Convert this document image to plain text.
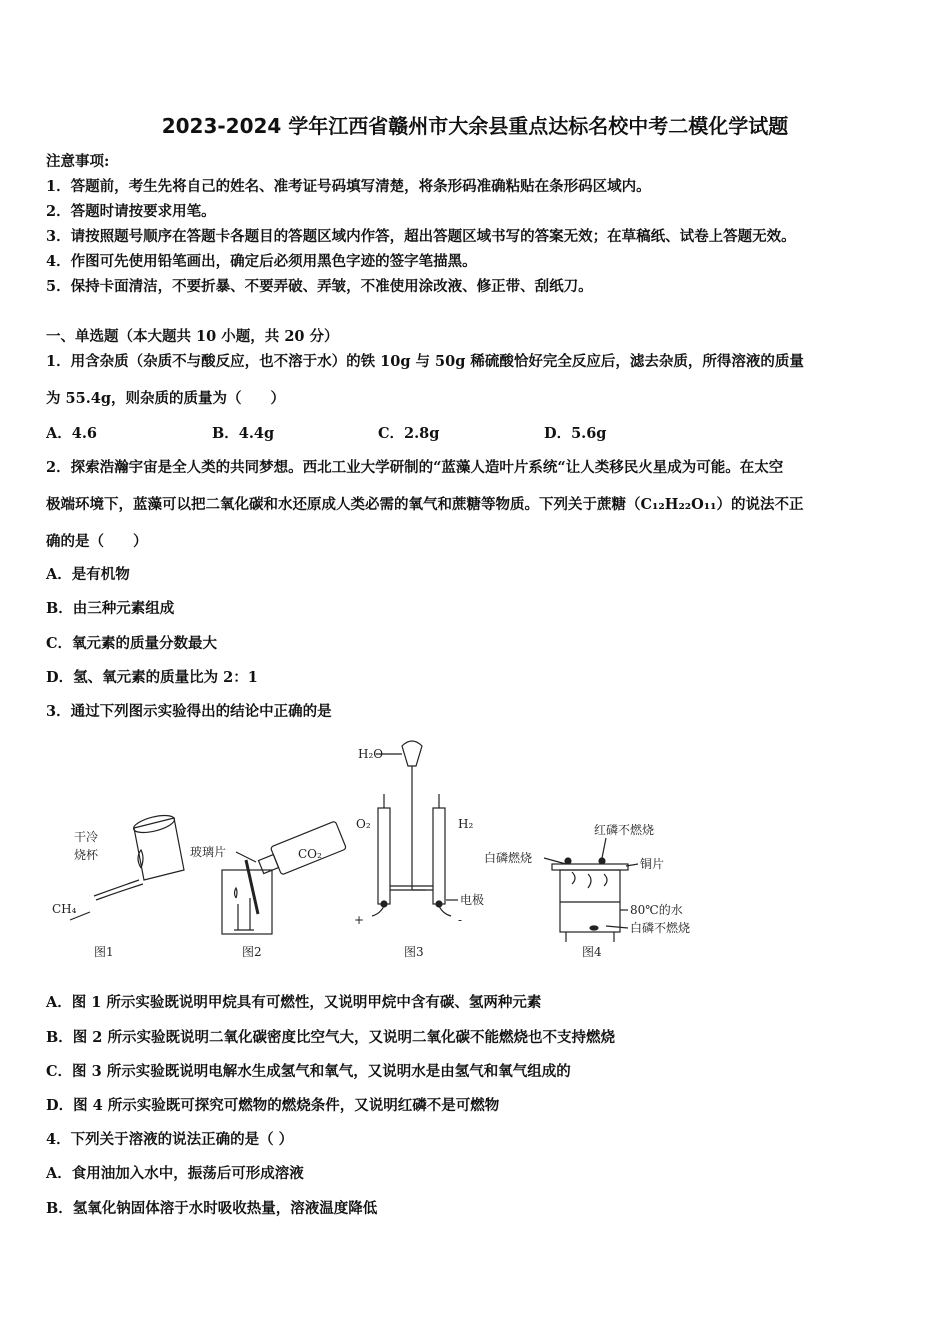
2023-2024 学年江西省赣州市大余县重点达标名校中考二模化学试题
注意事项:
1．答题前，考生先将自己的姓名、准考证号码填写清楚，将条形码准确粘贴在条形码区域内。
2．答题时请按要求用笔。
3．请按照题号顺序在答题卡各题目的答题区域内作答，超出答题区域书写的答案无效；在草稿纸、试卷上答题无效。
4．作图可先使用铅笔画出，确定后必须用黑色字迹的签字笔描黑。
5．保持卡面清洁，不要折暴、不要弄破、弄皱，不准使用涂改液、修正带、刮纸刀。
一、单选题（本大题共 10 小题，共 20 分）
1．用含杂质（杂质不与酸反应，也不溶于水）的铁 10g 与 50g 稀硫酸恰好完全反应后，滤去杂质，所得溶液的质量
为 55.4g，则杂质的质量为（　　）
A．4.6	B．4.4g	C．2.8g	D．5.6g
2．探索浩瀚宇宙是全人类的共同梦想。西北工业大学研制的“蓝藻人造叶片系统“让人类移民火星成为可能。在太空
极端环境下，蓝藻可以把二氧化碳和水还原成人类必需的氧气和蔗糖等物质。下列关于蔗糖（C₁₂H₂₂O₁₁）的说法不正
确的是（　　）
A．是有机物
B．由三种元素组成
C．氧元素的质量分数最大
D．氢、氧元素的质量比为 2：1
3．通过下列图示实验得出的结论中正确的是
干冷
烧杯
CH₄
图1
玻璃片	CO₂
图2
H₂O
O₂	H₂
电极
+	-
图3
红磷不燃烧
白磷燃烧	铜片
80℃的水
白磷不燃烧
图4
A．图 1 所示实验既说明甲烷具有可燃性，又说明甲烷中含有碳、氢两种元素
B．图 2 所示实验既说明二氧化碳密度比空气大，又说明二氧化碳不能燃烧也不支持燃烧
C．图 3 所示实验既说明电解水生成氢气和氧气，又说明水是由氢气和氧气组成的
D．图 4 所示实验既可探究可燃物的燃烧条件，又说明红磷不是可燃物
4．下列关于溶液的说法正确的是（ ）
A．食用油加入水中，振荡后可形成溶液
B．氢氧化钠固体溶于水时吸收热量，溶液温度降低
